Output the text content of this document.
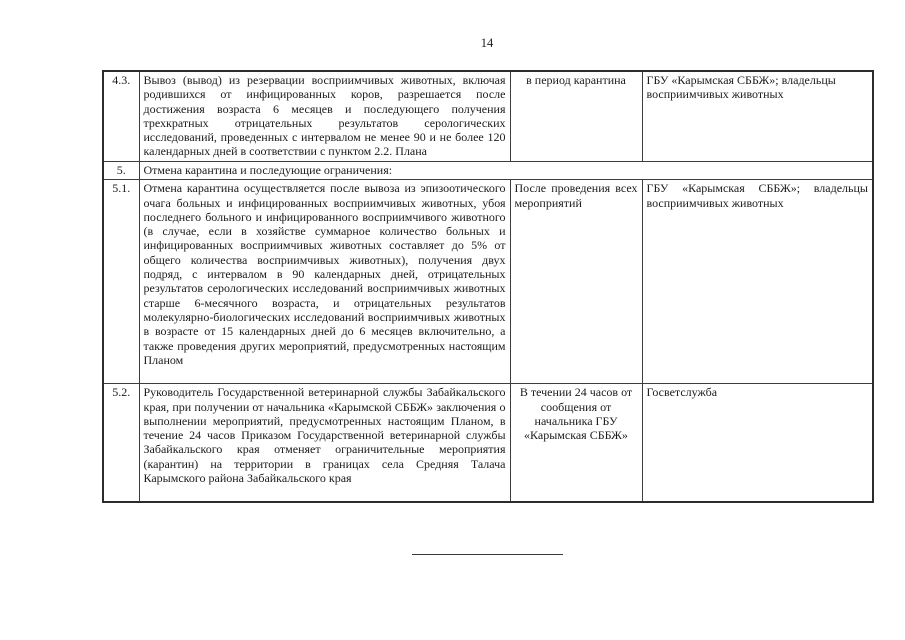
14
4.3.	Вывоз (вывод) из резервации восприимчивых животных, включая родившихся от инфицированных коров, разрешается после достижения возраста 6 месяцев и последующего получения трехкратных отрицательных результатов серологических исследований, проведенных с интервалом не менее 90 и не более 120 календарных дней в соответствии с пунктом 2.2. Плана	в период карантина	ГБУ «Карымская СББЖ»; владельцы восприимчивых животных
5.	Отмена карантина и последующие ограничения:		
5.1.	Отмена карантина осуществляется после вывоза из эпизоотического очага больных и инфицированных восприимчивых животных, убоя последнего больного и инфицированного восприимчивого животного (в случае, если в хозяйстве суммарное количество больных и инфицированных восприимчивых животных составляет до 5% от общего количества восприимчивых животных), получения двух подряд, с интервалом в 90 календарных дней, отрицательных результатов серологических исследований восприимчивых животных старше 6-месячного возраста, и отрицательных результатов молекулярно-биологических исследований восприимчивых животных в возрасте от 15 календарных дней до 6 месяцев включительно, а также проведения других мероприятий, предусмотренных настоящим Планом	После проведения всех мероприятий	ГБУ «Карымская СББЖ»; владельцы восприимчивых животных
5.2.	Руководитель Государственной ветеринарной службы Забайкальского края, при получении от начальника «Карымской СББЖ» заключения о выполнении мероприятий, предусмотренных настоящим Планом, в течение 24 часов Приказом Государственной ветеринарной службы Забайкальского края отменяет ограничительные мероприятия (карантин) на территории в границах села Средняя Талача Карымского района Забайкальского края	В течении 24 часов от сообщения от начальника ГБУ «Карымская СББЖ»	Госветслужба
